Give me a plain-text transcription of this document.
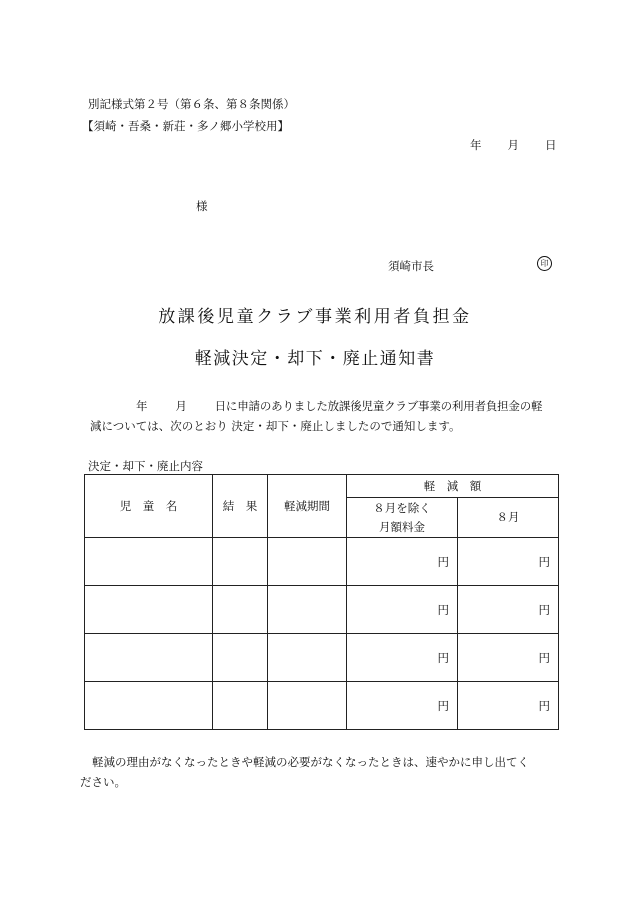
別記様式第２号（第６条、第８条関係）
【須崎・吾桑・新荘・多ノ郷小学校用】
年 月 日
様
須崎市長	印
放課後児童クラブ事業利用者負担金
軽減決定・却下・廃止通知書
年 月 日に申請のありました放課後児童クラブ事業の利用者負担金の軽
減については、次のとおり 決定・却下・廃止しましたので通知します。
決定・却下・廃止内容
児　童　名	結　果	軽減期間	軽　減　額	
			８月を除く
月額料金	８月
			円	円
			円	円
			円	円
			円	円
軽減の理由がなくなったときや軽減の必要がなくなったときは、速やかに申し出てく
ださい。
